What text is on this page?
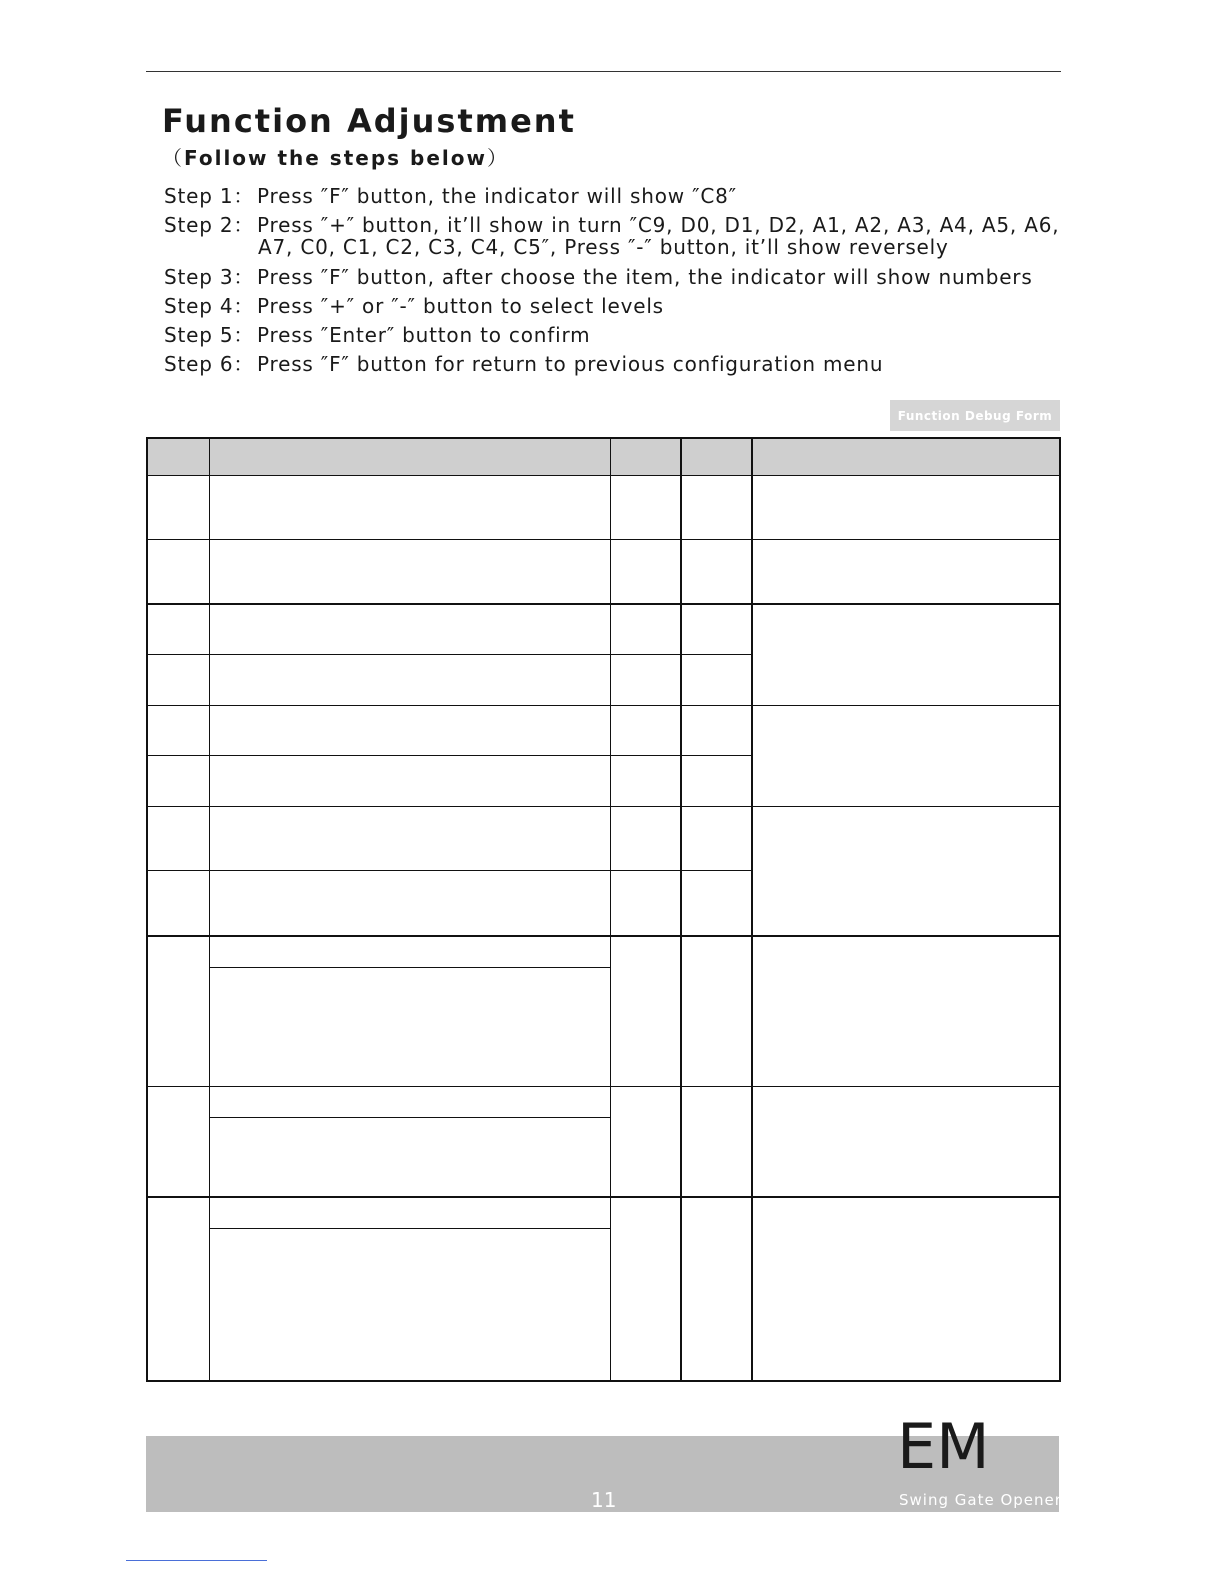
Function Adjustment
（Follow the steps below）
Step 1： Press ″F″ button, the indicator will show ″C8″
Step 2： Press ″+″ button, it’ll show in turn ″C9, D0, D1, D2, A1, A2, A3, A4, A5, A6,
A7, C0, C1, C2, C3, C4, C5″, Press ″-″ button, it’ll show reversely
Step 3： Press ″F″ button, after choose the item, the indicator will show numbers
Step 4： Press ″+″ or ″-″ button to select levels
Step 5： Press ″Enter″ button to confirm
Step 6： Press ″F″ button for return to previous configuration menu
Function Debug Form
EM
11	Swing Gate Opener
